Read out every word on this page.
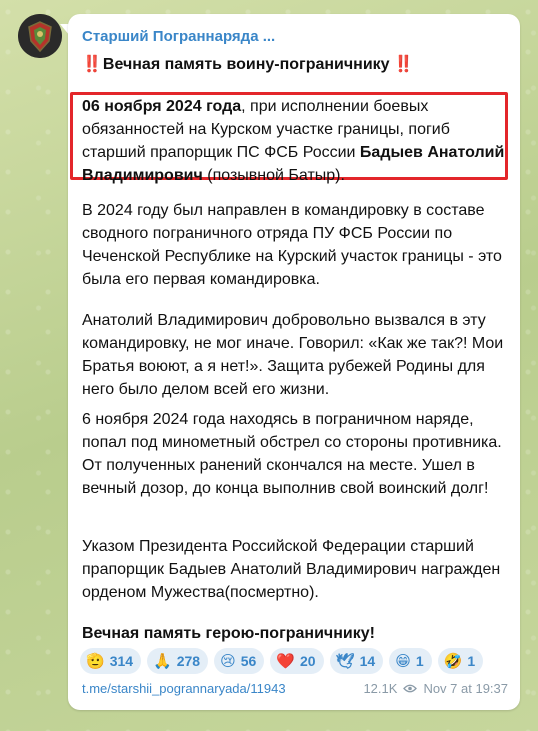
Старший Пограннаряда ...

‼️ Вечная память воину-пограничнику ‼️

06 ноября 2024 года, при исполнении боевых обязанностей на Курском участке границы, погиб старший прапорщик ПС ФСБ России Бадыев Анатолий Владимирович (позывной Батыр).

В 2024 году был направлен в командировку в составе сводного пограничного отряда ПУ ФСБ России по Чеченской Республике на Курский участок границы - это была его первая командировка.

Анатолий Владимирович добровольно вызвался в эту командировку, не мог иначе. Говорил: «Как же так?! Мои Братья воюют, а я нет!». Защита рубежей Родины для него было делом всей его жизни.

6 ноября 2024 года находясь в пограничном наряде, попал под минометный обстрел со стороны противника. От полученных ранений скончался на месте. Ушел в вечный дозор, до конца выполнив свой воинский долг!

Указом Президента Российской Федерации старший прапорщик Бадыев Анатолий Владимирович награжден орденом Мужества(посмертно).

Вечная память герою-пограничнику!

🫡 314 🙏 278 😢 56 ❤️ 20 🕊 14 😁 1 🤣 1
t.me/starshii_pogrannaryada/11943	12.1K Nov 7 at 19:37
